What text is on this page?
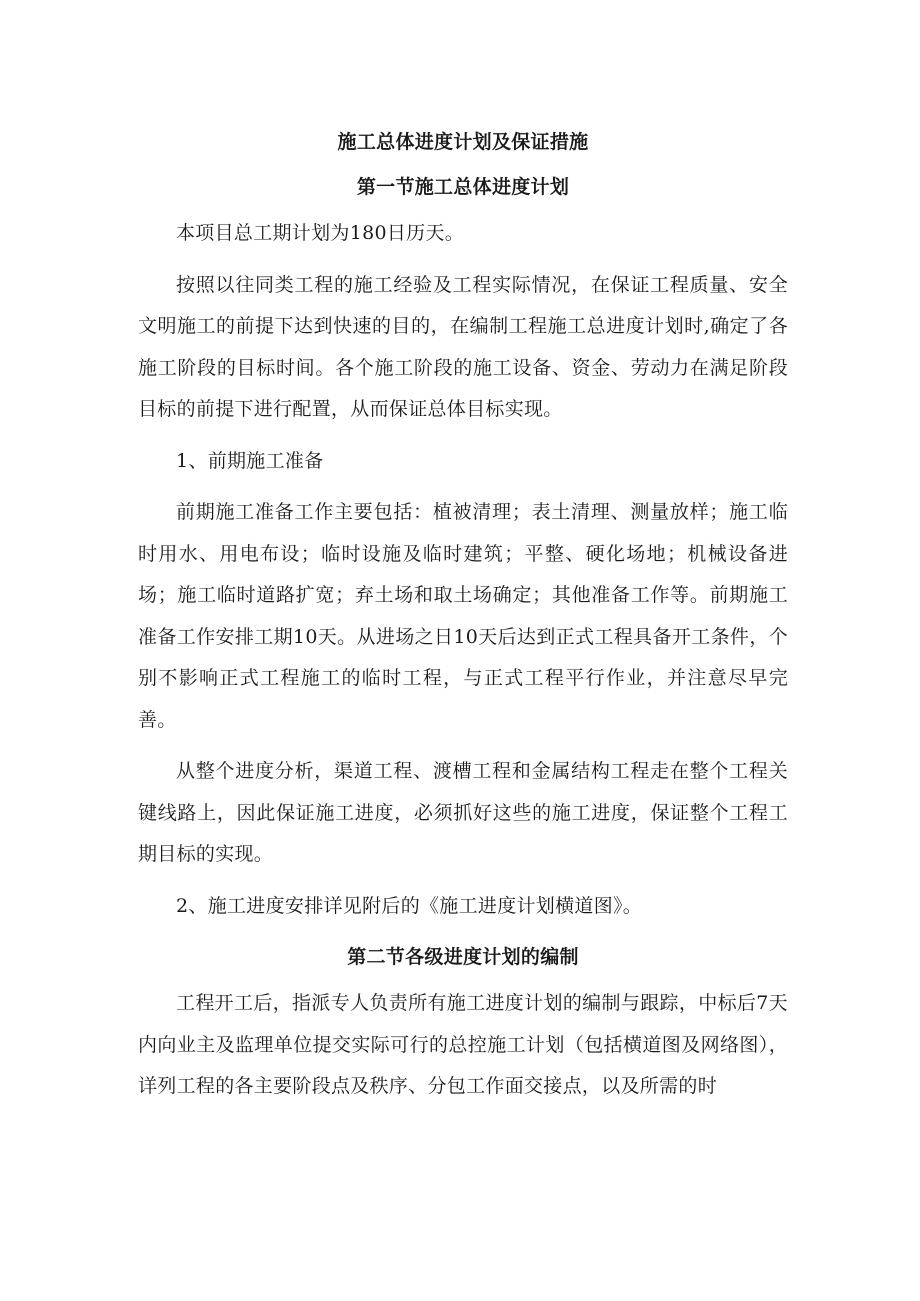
施工总体进度计划及保证措施
第一节施工总体进度计划

本项目总工期计划为180日历天。

按照以往同类工程的施工经验及工程实际情况，在保证工程质量、安全文明施工的前提下达到快速的目的，在编制工程施工总进度计划时,确定了各施工阶段的目标时间。各个施工阶段的施工设备、资金、劳动力在满足阶段目标的前提下进行配置，从而保证总体目标实现。

1、前期施工准备

前期施工准备工作主要包括：植被清理；表土清理、测量放样；施工临时用水、用电布设；临时设施及临时建筑；平整、硬化场地；机械设备进场；施工临时道路扩宽；弃土场和取土场确定；其他准备工作等。前期施工准备工作安排工期10天。从进场之日10天后达到正式工程具备开工条件，个别不影响正式工程施工的临时工程，与正式工程平行作业，并注意尽早完善。

从整个进度分析，渠道工程、渡槽工程和金属结构工程走在整个工程关键线路上，因此保证施工进度，必须抓好这些的施工进度，保证整个工程工期目标的实现。

2、施工进度安排详见附后的《施工进度计划横道图》。

第二节各级进度计划的编制

工程开工后，指派专人负责所有施工进度计划的编制与跟踪，中标后7天内向业主及监理单位提交实际可行的总控施工计划（包括横道图及网络图），详列工程的各主要阶段点及秩序、分包工作面交接点，以及所需的时
